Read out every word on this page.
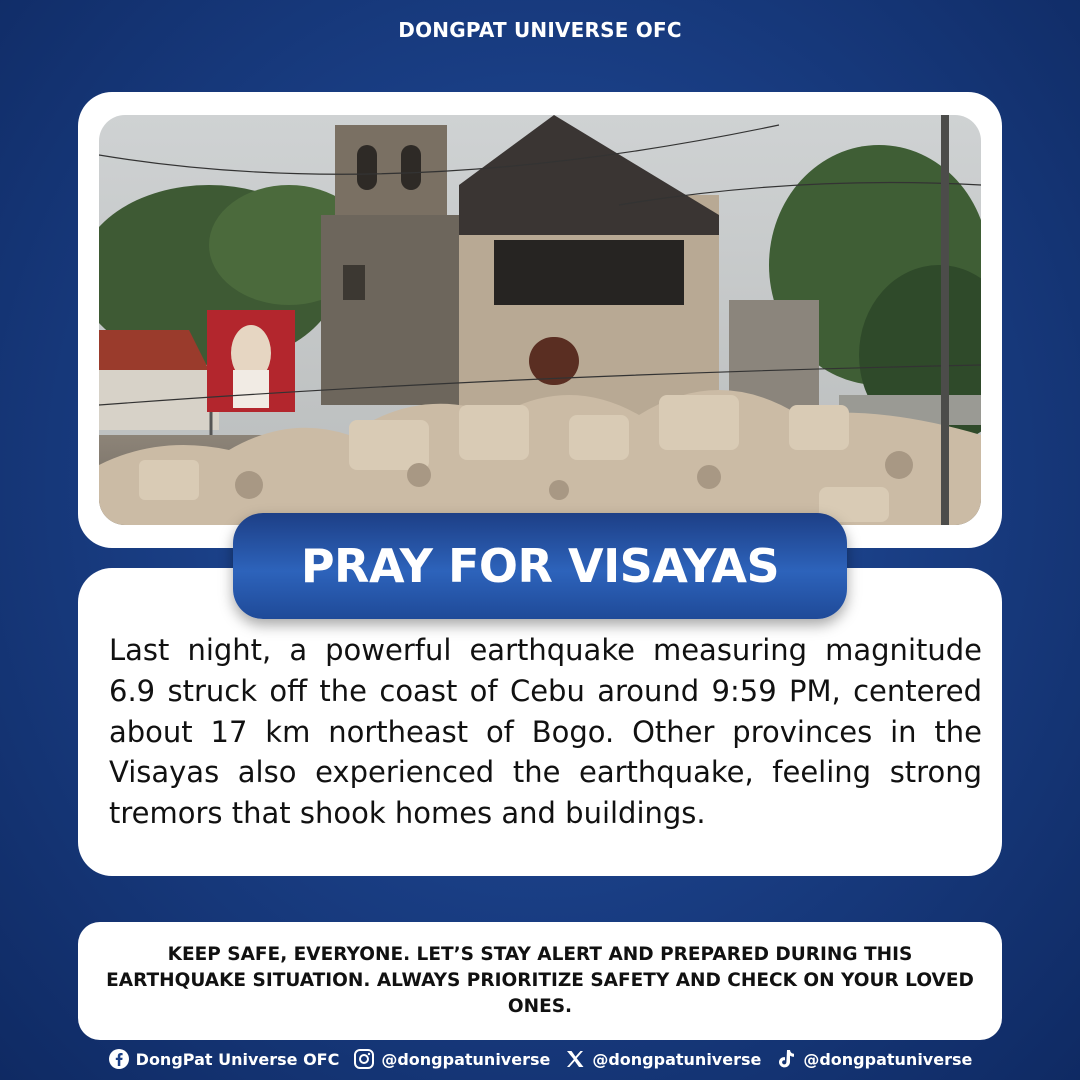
DONGPAT UNIVERSE OFC
PRAY FOR VISAYAS

Last night, a powerful earthquake measuring magnitude 6.9 struck off the coast of Cebu around 9:59 PM, centered about 17 km northeast of Bogo. Other provinces in the Visayas also experienced the earthquake, feeling strong tremors that shook homes and buildings.

KEEP SAFE, EVERYONE. LET’S STAY ALERT AND PREPARED DURING THIS EARTHQUAKE SITUATION. ALWAYS PRIORITIZE SAFETY AND CHECK ON YOUR LOVED ONES.

DongPat Universe OFC	@dongpatuniverse	@dongpatuniverse	@dongpatuniverse
